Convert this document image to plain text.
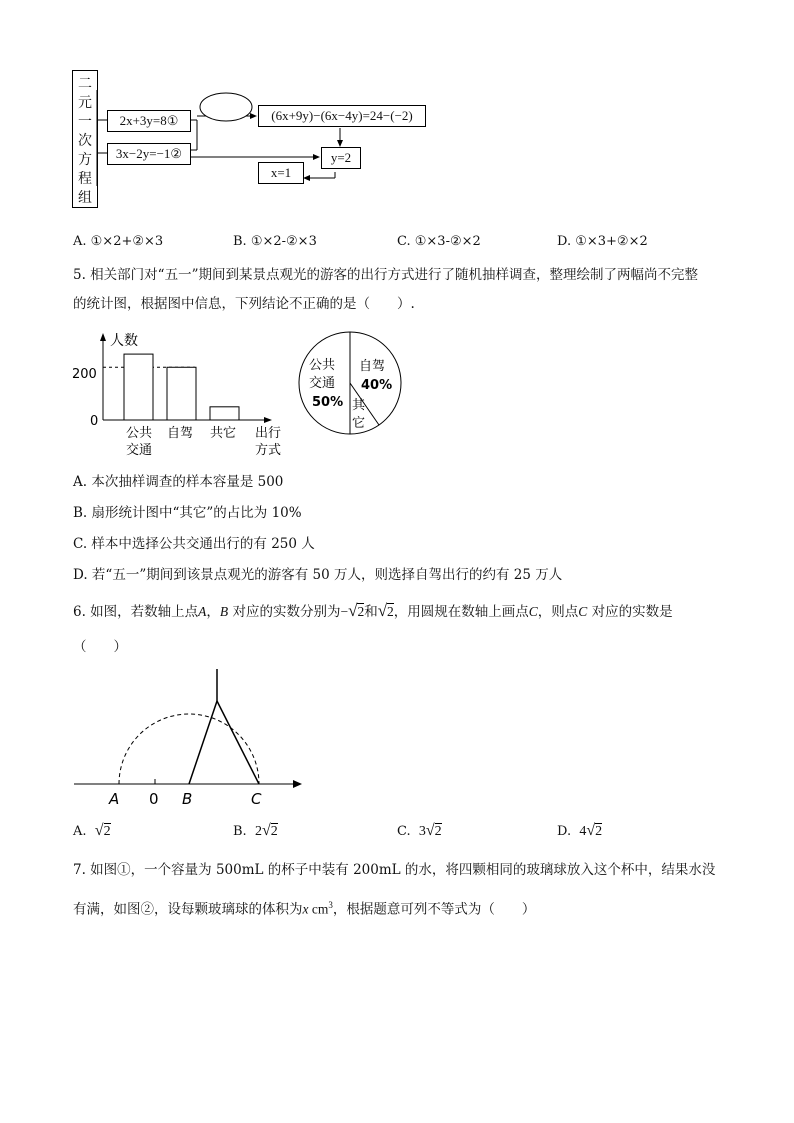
二元一次方程组
2x+3y=8①
3x−2y=−1②
(6x+9y)−(6x−4y)=24−(−2)
y=2
x=1
A. ①×2+②×3	B. ①×2-②×3	C. ①×3-②×2	D. ①×3+②×2
5. 相关部门对“五一”期间到某景点观光的游客的出行方式进行了随机抽样调查，整理绘制了两幅尚不完整
的统计图，根据图中信息，下列结论不正确的是（　　）.
人数
200
0
公共
交通
自驾 共它 出行
方式
公共
交通
50%
自驾
40%
其
它
A. 本次抽样调查的样本容量是 500
B. 扇形统计图中“其它”的占比为 10%
C. 样本中选择公共交通出行的有 250 人
D. 若“五一”期间到该景点观光的游客有 50 万人，则选择自驾出行的约有 25 万人
6. 如图，若数轴上点A，B 对应的实数分别为−√2和√2，用圆规在数轴上画点C，则点C 对应的实数是
（　　）
A 0 B	C
A. √2	B. 2√2	C. 3√2	D. 4√2
7. 如图①，一个容量为 500mL 的杯子中装有 200mL 的水，将四颗相同的玻璃球放入这个杯中，结果水没
有满，如图②，设每颗玻璃球的体积为x $cm^3$，根据题意可列不等式为（　　）
